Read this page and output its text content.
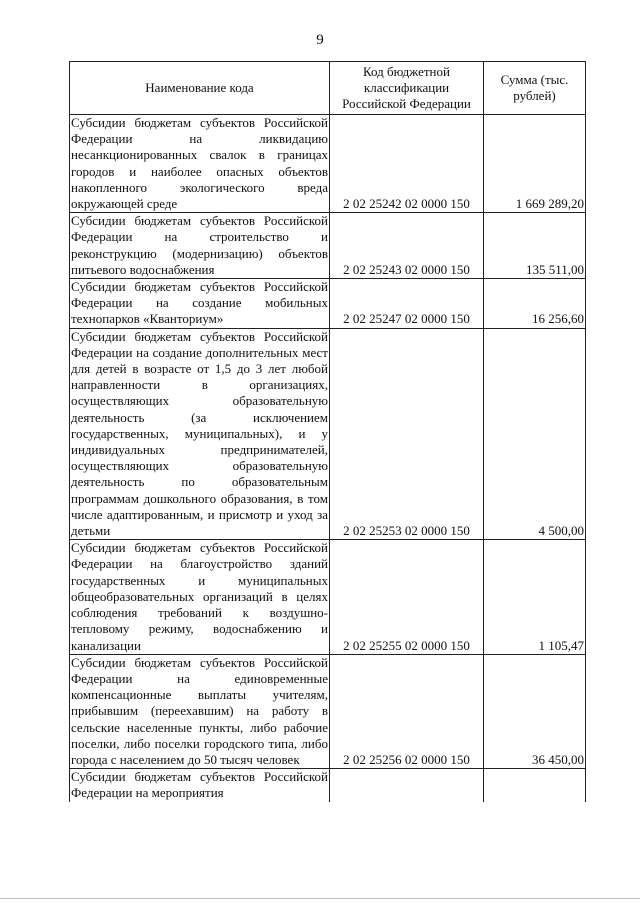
9
Наименование кода	Код бюджетной классификации Российской Федерации	Сумма (тыс. рублей)
Субсидии бюджетам субъектов Российской Федерации на ликвидацию несанкционированных свалок в границах городов и наиболее опасных объектов накопленного экологического вреда окружающей среде	2 02 25242 02 0000 150	1 669 289,20
Субсидии бюджетам субъектов Российской Федерации на строительство и реконструкцию (модернизацию) объектов питьевого водоснабжения	2 02 25243 02 0000 150	135 511,00
Субсидии бюджетам субъектов Российской Федерации на создание мобильных технопарков «Кванториум»	2 02 25247 02 0000 150	16 256,60
Субсидии бюджетам субъектов Российской Федерации на создание дополнительных мест для детей в возрасте от 1,5 до 3 лет любой направленности в организациях, осуществляющих образовательную деятельность (за исключением государственных, муниципальных), и у индивидуальных предпринимателей, осуществляющих образовательную деятельность по образовательным программам дошкольного образования, в том числе адаптированным, и присмотр и уход за детьми	2 02 25253 02 0000 150	4 500,00
Субсидии бюджетам субъектов Российской Федерации на благоустройство зданий государственных и муниципальных общеобразовательных организаций в целях соблюдения требований к воздушно-тепловому режиму, водоснабжению и канализации	2 02 25255 02 0000 150	1 105,47
Субсидии бюджетам субъектов Российской Федерации на единовременные компенсационные выплаты учителям, прибывшим (переехавшим) на работу в сельские населенные пункты, либо рабочие поселки, либо поселки городского типа, либо города с населением до 50 тысяч человек	2 02 25256 02 0000 150	36 450,00
Субсидии бюджетам субъектов Российской Федерации на мероприятия		
